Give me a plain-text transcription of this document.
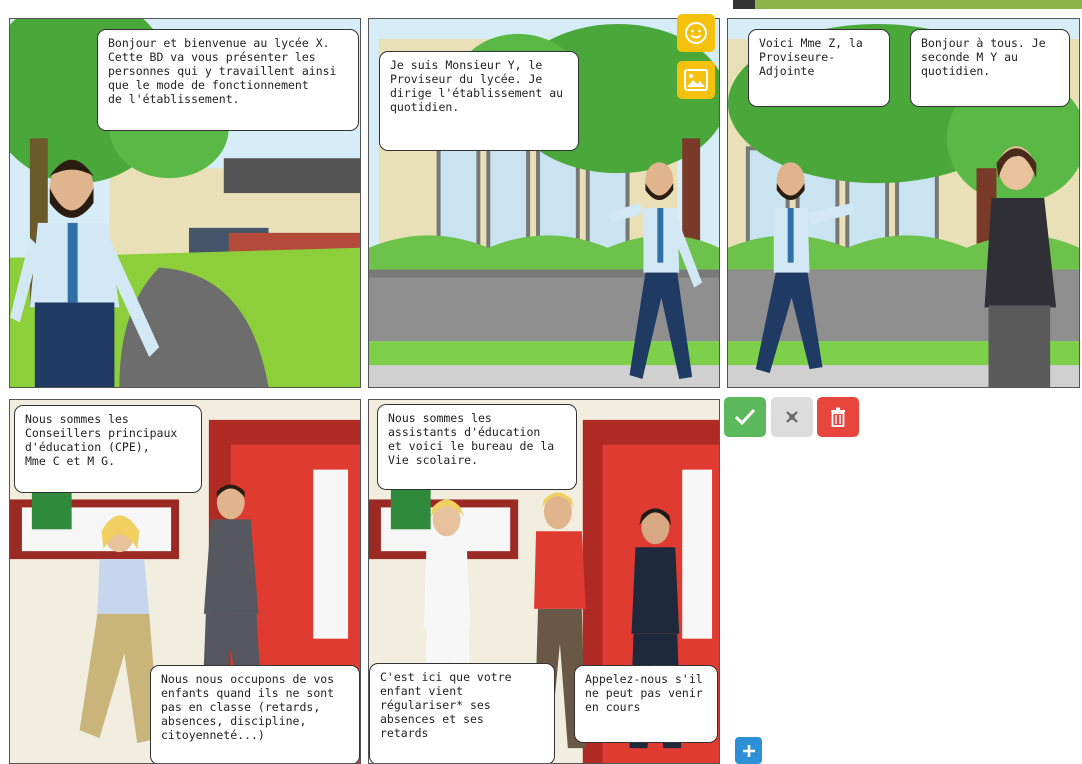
Bonjour et bienvenue au lycée X.
Cette BD va vous présenter les
personnes qui y travaillent ainsi
que le mode de fonctionnement
de l'établissement.
Je suis Monsieur Y, le
Proviseur du lycée. Je
dirige l'établissement au
quotidien.
Voici Mme Z, la
Proviseure-
Adjointe

Bonjour à tous. Je
seconde M Y au
quotidien.
Nous sommes les
Conseillers principaux
d'éducation (CPE),
Mme C et M G.
Nous nous occupons de vos
enfants quand ils ne sont
pas en classe (retards,
absences, discipline,
citoyenneté...)
Nous sommes les
assistants d'éducation
et voici le bureau de la
Vie scolaire.

C'est ici que votre
enfant vient
régulariser* ses
absences et ses
retards
Appelez-nous s'il
ne peut pas venir
en cours
